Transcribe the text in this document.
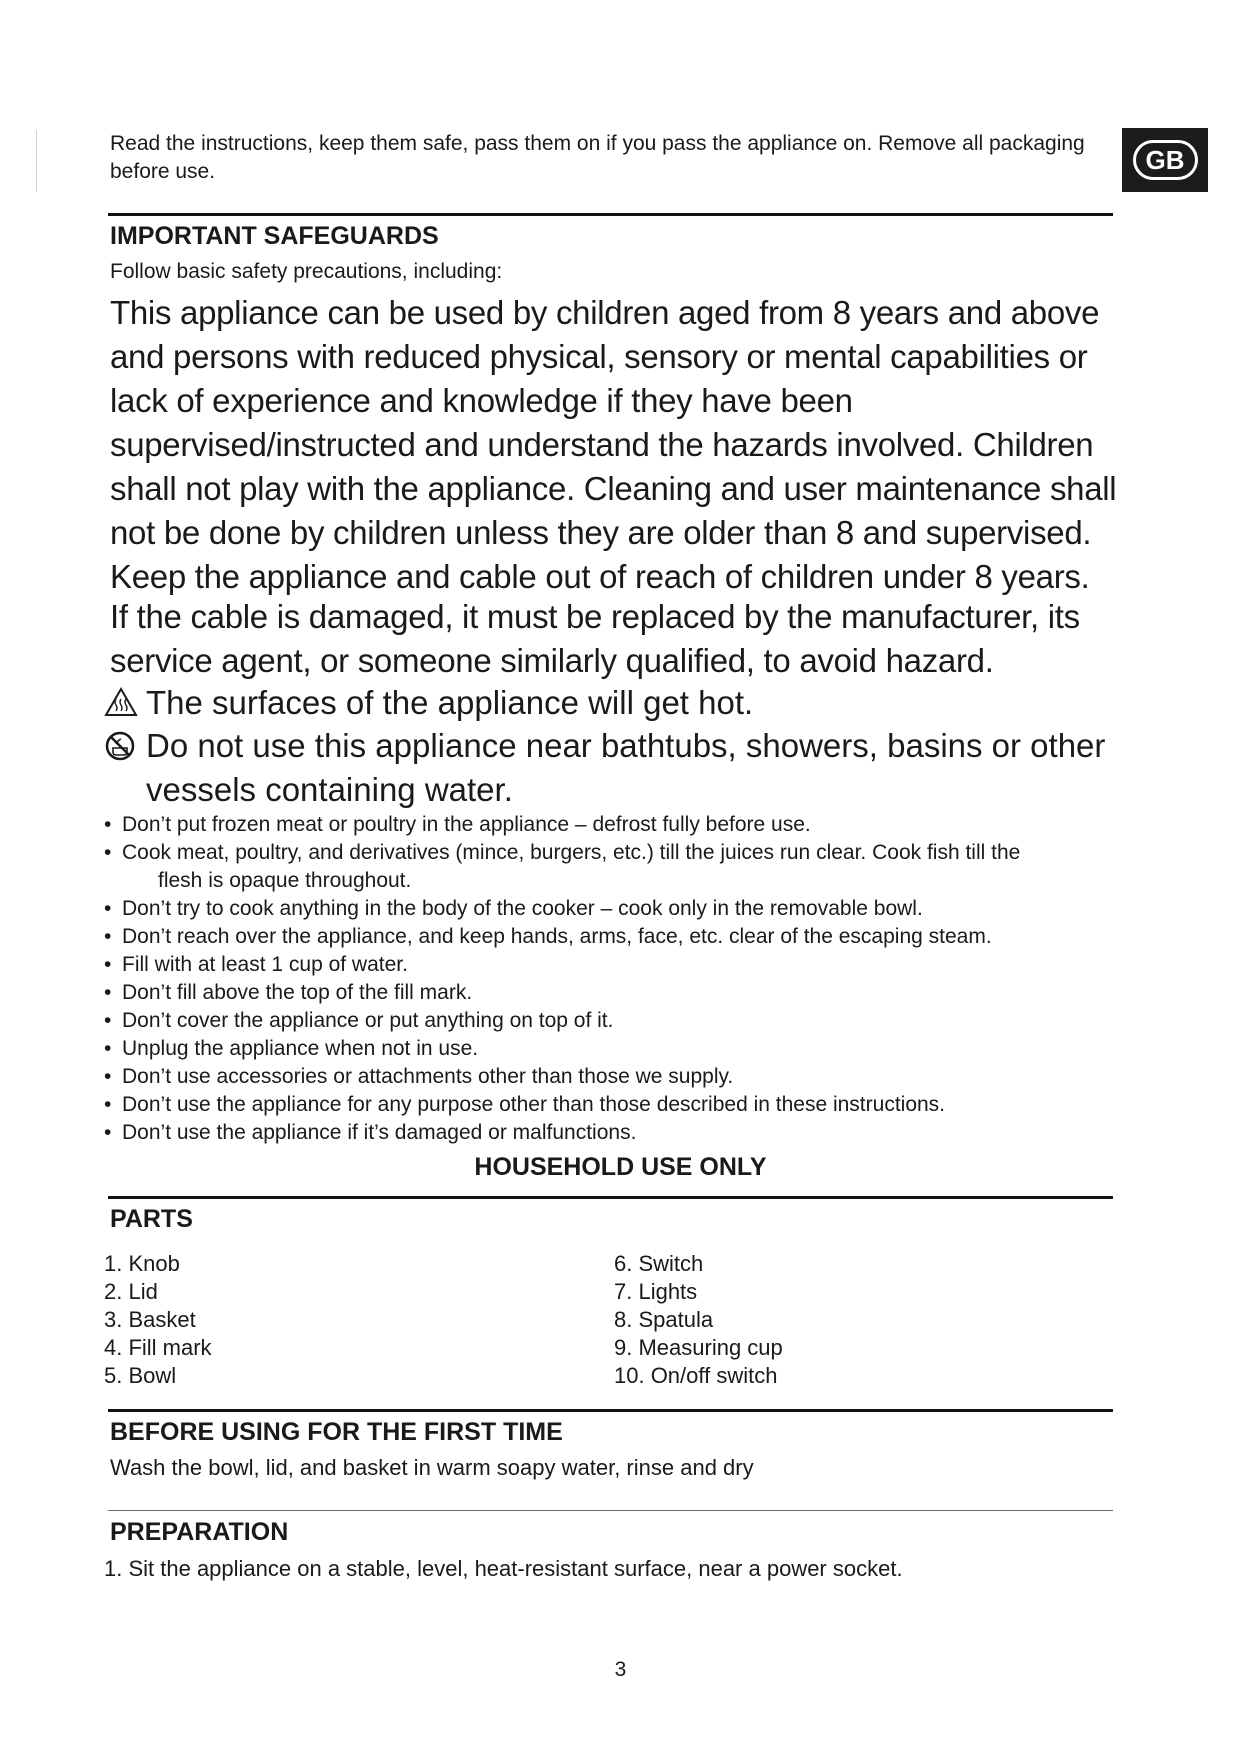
GB
Read the instructions, keep them safe, pass them on if you pass the appliance on. Remove all packaging before use.
IMPORTANT SAFEGUARDS
Follow basic safety precautions, including:
This appliance can be used by children aged from 8 years and above and persons with reduced physical, sensory or mental capabilities or lack of experience and knowledge if they have been supervised/instructed and understand the hazards involved. Children shall not play with the appliance. Cleaning and user maintenance shall not be done by children unless they are older than 8 and supervised. Keep the appliance and cable out of reach of children under 8 years.
If the cable is damaged, it must be replaced by the manufacturer, its service agent, or someone similarly qualified, to avoid hazard.
The surfaces of the appliance will get hot.
Do not use this appliance near bathtubs, showers, basins or other vessels containing water.
• Don’t put frozen meat or poultry in the appliance – defrost fully before use.
• Cook meat, poultry, and derivatives (mince, burgers, etc.) till the juices run clear. Cook fish till the
flesh is opaque throughout.
• Don’t try to cook anything in the body of the cooker – cook only in the removable bowl.
• Don’t reach over the appliance, and keep hands, arms, face, etc. clear of the escaping steam.
• Fill with at least 1 cup of water.
• Don’t fill above the top of the fill mark.
• Don’t cover the appliance or put anything on top of it.
• Unplug the appliance when not in use.
• Don’t use accessories or attachments other than those we supply.
• Don’t use the appliance for any purpose other than those described in these instructions.
• Don’t use the appliance if it’s damaged or malfunctions.
HOUSEHOLD USE ONLY
PARTS
1. Knob
2. Lid
3. Basket
4. Fill mark
5. Bowl
6. Switch
7. Lights
8. Spatula
9. Measuring cup
10. On/off switch
BEFORE USING FOR THE FIRST TIME
Wash the bowl, lid, and basket in warm soapy water, rinse and dry
PREPARATION
1. Sit the appliance on a stable, level, heat-resistant surface, near a power socket.
3
